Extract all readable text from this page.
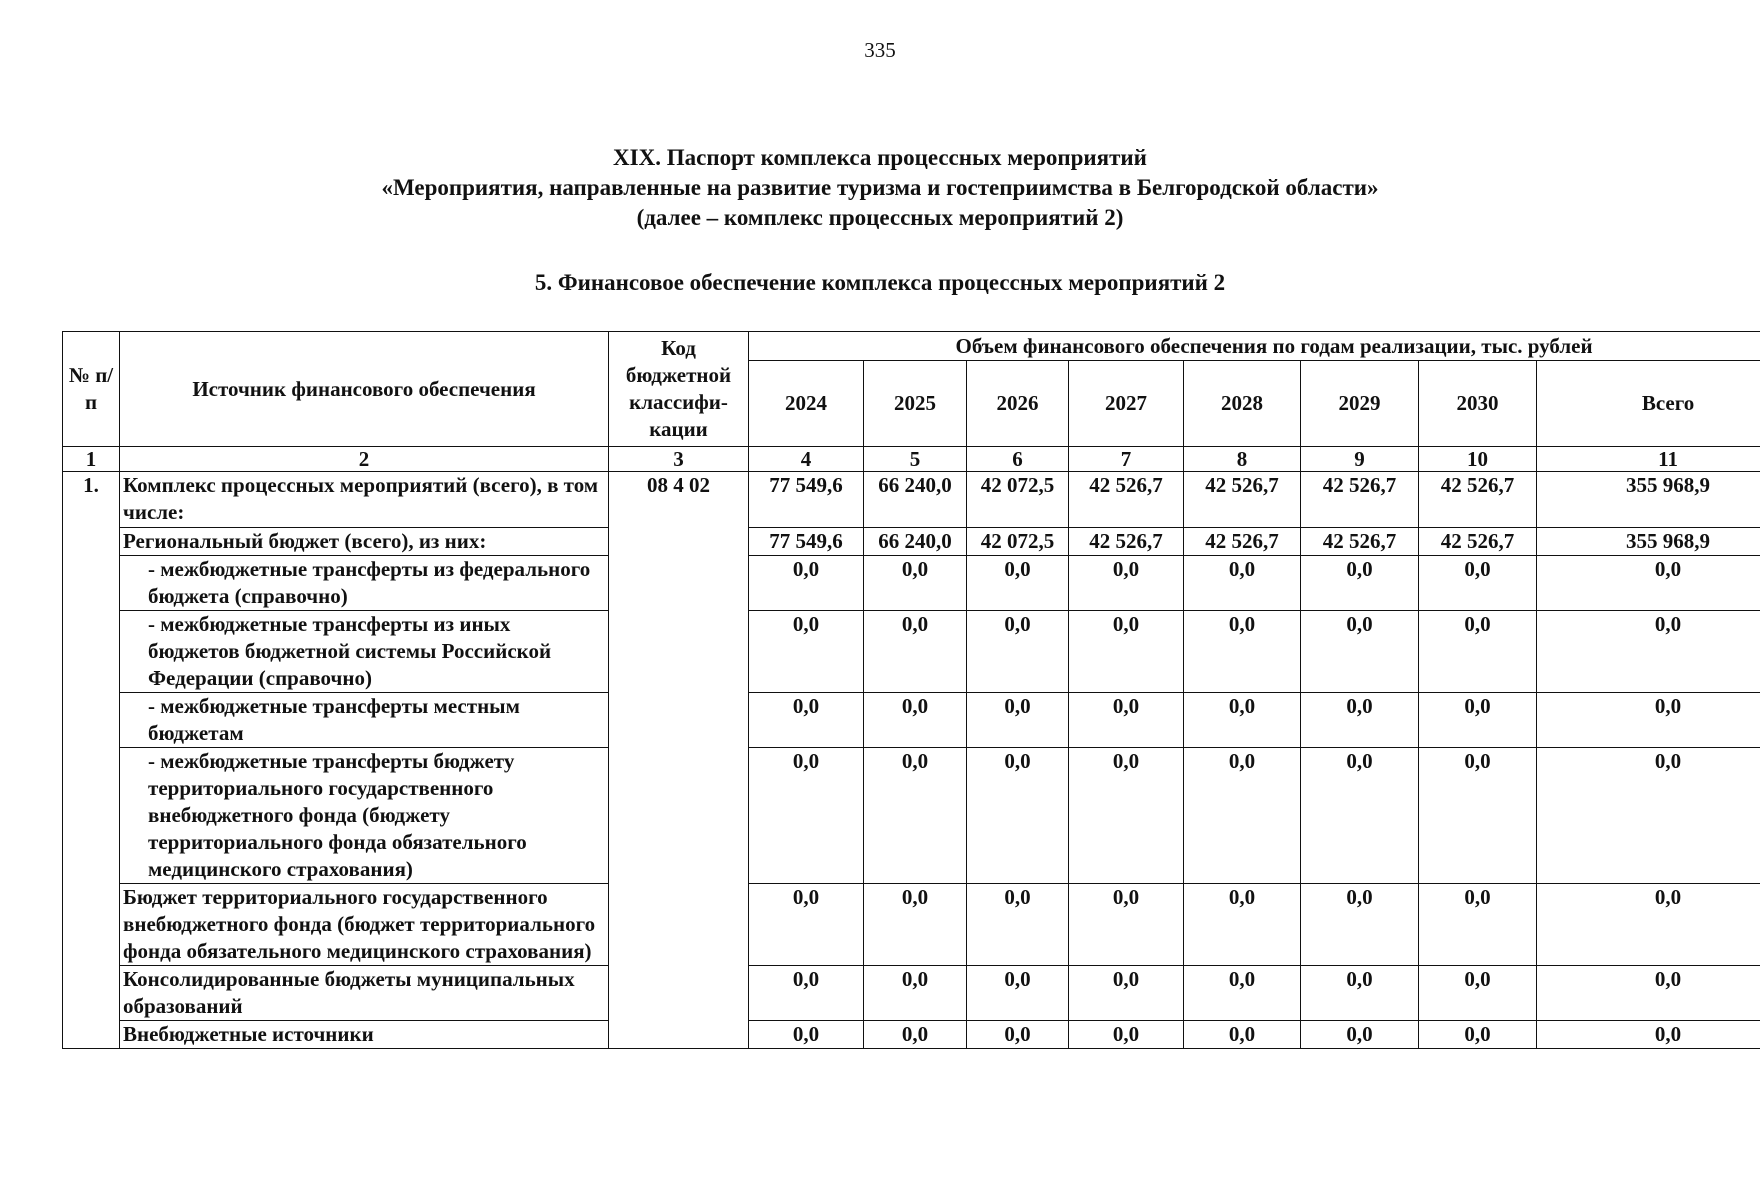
335
XIX. Паспорт комплекса процессных мероприятий
«Мероприятия, направленные на развитие туризма и гостеприимства в Белгородской области»
(далее – комплекс процессных мероприятий 2)
5. Финансовое обеспечение комплекса процессных мероприятий 2
№ п/п	Источник финансового обеспечения	Код бюджетной классифи-кации	Объем финансового обеспечения по годам реализации, тыс. рублей							
			2024	2025	2026	2027	2028	2029	2030	Всего
1	2	3	4	5	6	7	8	9	10	11
1.	Комплекс процессных мероприятий (всего), в том числе:	08 4 02	77 549,6	66 240,0	42 072,5	42 526,7	42 526,7	42 526,7	42 526,7	355 968,9
	Региональный бюджет (всего), из них:		77 549,6	66 240,0	42 072,5	42 526,7	42 526,7	42 526,7	42 526,7	355 968,9
	- межбюджетные трансферты из федерального бюджета (справочно)		0,0	0,0	0,0	0,0	0,0	0,0	0,0	0,0
	- межбюджетные трансферты из иных бюджетов бюджетной системы Российской Федерации (справочно)		0,0	0,0	0,0	0,0	0,0	0,0	0,0	0,0
	- межбюджетные трансферты местным бюджетам		0,0	0,0	0,0	0,0	0,0	0,0	0,0	0,0
	- межбюджетные трансферты бюджету территориального государственного внебюджетного фонда (бюджету территориального фонда обязательного медицинского страхования)		0,0	0,0	0,0	0,0	0,0	0,0	0,0	0,0
	Бюджет территориального государственного внебюджетного фонда (бюджет территориального фонда обязательного медицинского страхования)		0,0	0,0	0,0	0,0	0,0	0,0	0,0	0,0
	Консолидированные бюджеты муниципальных образований		0,0	0,0	0,0	0,0	0,0	0,0	0,0	0,0
	Внебюджетные источники		0,0	0,0	0,0	0,0	0,0	0,0	0,0	0,0
